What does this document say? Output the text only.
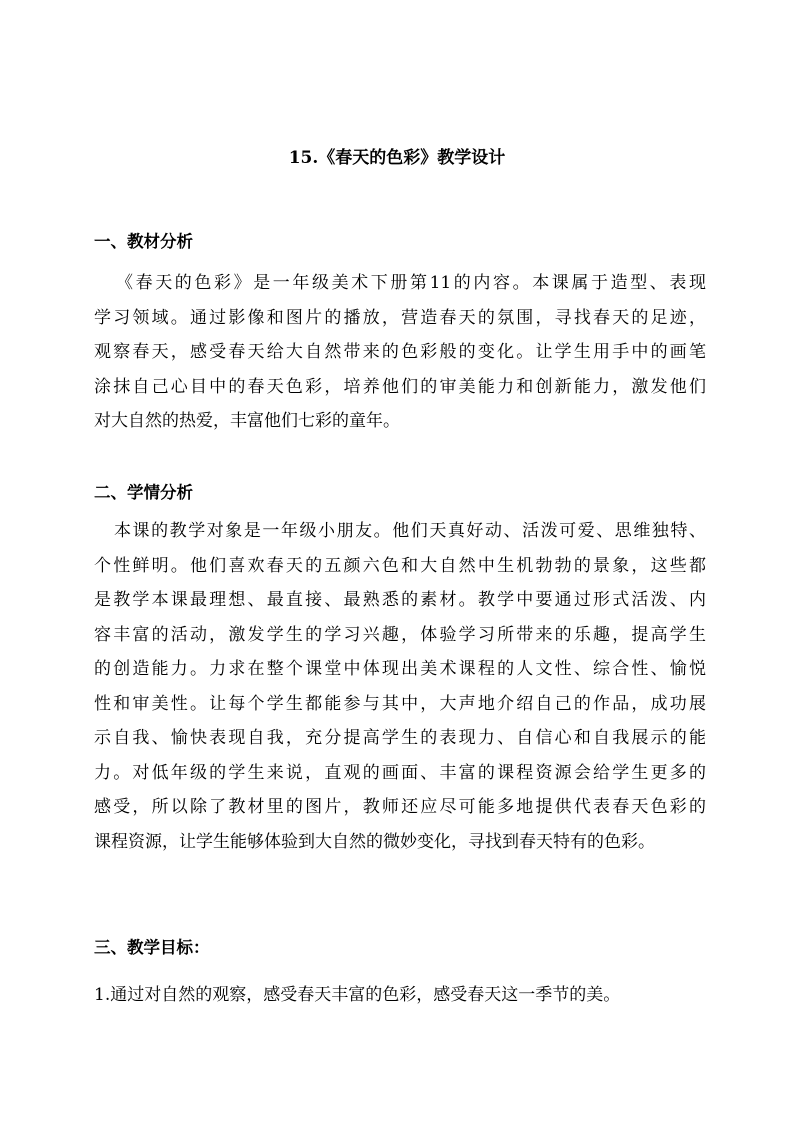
15.《春天的色彩》教学设计
一、教材分析
《春天的色彩》是一年级美术下册第11的内容。本课属于造型、表现
学习领域。通过影像和图片的播放，营造春天的氛围，寻找春天的足迹，
观察春天，感受春天给大自然带来的色彩般的变化。让学生用手中的画笔
涂抹自己心目中的春天色彩，培养他们的审美能力和创新能力，激发他们
对大自然的热爱，丰富他们七彩的童年。
二、学情分析
本课的教学对象是一年级小朋友。他们天真好动、活泼可爱、思维独特、
个性鲜明。他们喜欢春天的五颜六色和大自然中生机勃勃的景象，这些都
是教学本课最理想、最直接、最熟悉的素材。教学中要通过形式活泼、内
容丰富的活动，激发学生的学习兴趣，体验学习所带来的乐趣，提高学生
的创造能力。力求在整个课堂中体现出美术课程的人文性、综合性、愉悦
性和审美性。让每个学生都能参与其中，大声地介绍自己的作品，成功展
示自我、愉快表现自我，充分提高学生的表现力、自信心和自我展示的能
力。对低年级的学生来说，直观的画面、丰富的课程资源会给学生更多的
感受，所以除了教材里的图片，教师还应尽可能多地提供代表春天色彩的
课程资源，让学生能够体验到大自然的微妙变化，寻找到春天特有的色彩。
三、教学目标：
1.通过对自然的观察，感受春天丰富的色彩，感受春天这一季节的美。
